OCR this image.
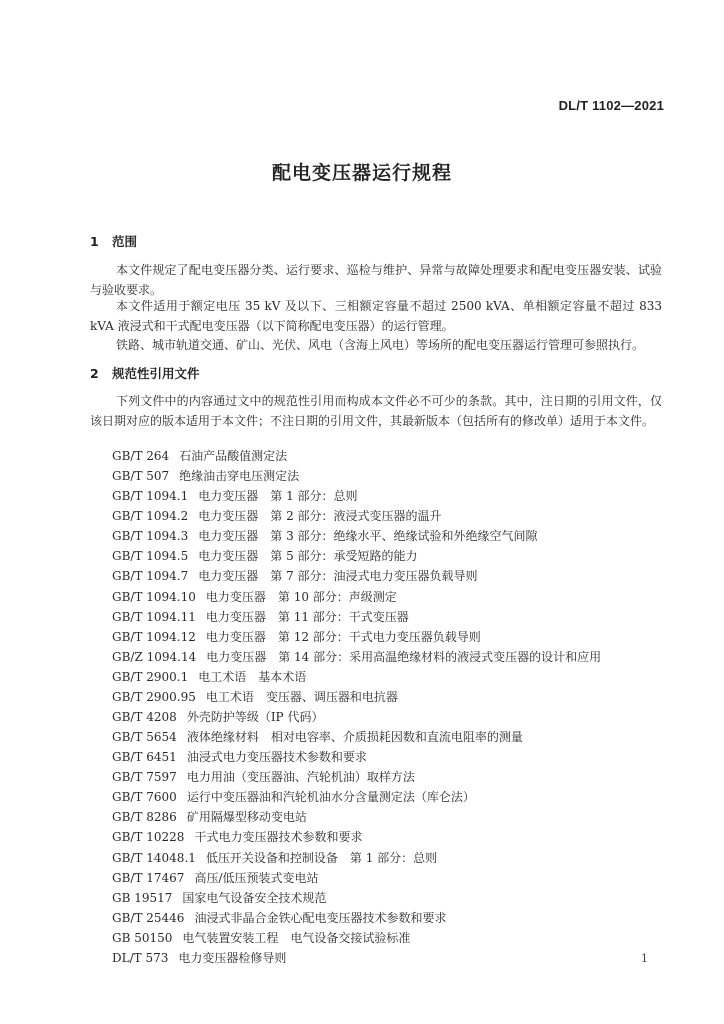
DL/T 1102—2021
配电变压器运行规程
1 范围
本文件规定了配电变压器分类、运行要求、巡检与维护、异常与故障处理要求和配电变压器安装、试验与验收要求。
本文件适用于额定电压 35 kV 及以下、三相额定容量不超过 2500 kVA、单相额定容量不超过 833 kVA 液浸式和干式配电变压器（以下简称配电变压器）的运行管理。
铁路、城市轨道交通、矿山、光伏、风电（含海上风电）等场所的配电变压器运行管理可参照执行。
2 规范性引用文件
下列文件中的内容通过文中的规范性引用而构成本文件必不可少的条款。其中，注日期的引用文件，仅该日期对应的版本适用于本文件；不注日期的引用文件，其最新版本（包括所有的修改单）适用于本文件。
GB/T 264 石油产品酸值测定法
GB/T 507 绝缘油击穿电压测定法
GB/T 1094.1 电力变压器　第 1 部分：总则
GB/T 1094.2 电力变压器　第 2 部分：液浸式变压器的温升
GB/T 1094.3 电力变压器　第 3 部分：绝缘水平、绝缘试验和外绝缘空气间隙
GB/T 1094.5 电力变压器　第 5 部分：承受短路的能力
GB/T 1094.7 电力变压器　第 7 部分：油浸式电力变压器负载导则
GB/T 1094.10 电力变压器　第 10 部分：声级测定
GB/T 1094.11 电力变压器　第 11 部分：干式变压器
GB/T 1094.12 电力变压器　第 12 部分：干式电力变压器负载导则
GB/Z 1094.14 电力变压器　第 14 部分：采用高温绝缘材料的液浸式变压器的设计和应用
GB/T 2900.1 电工术语　基本术语
GB/T 2900.95 电工术语　变压器、调压器和电抗器
GB/T 4208 外壳防护等级（IP 代码）
GB/T 5654 液体绝缘材料　相对电容率、介质损耗因数和直流电阻率的测量
GB/T 6451 油浸式电力变压器技术参数和要求
GB/T 7597 电力用油（变压器油、汽轮机油）取样方法
GB/T 7600 运行中变压器油和汽轮机油水分含量测定法（库仑法）
GB/T 8286 矿用隔爆型移动变电站
GB/T 10228 干式电力变压器技术参数和要求
GB/T 14048.1 低压开关设备和控制设备　第 1 部分：总则
GB/T 17467 高压/低压预装式变电站
GB 19517 国家电气设备安全技术规范
GB/T 25446 油浸式非晶合金铁心配电变压器技术参数和要求
GB 50150 电气装置安装工程　电气设备交接试验标准
DL/T 573 电力变压器检修导则	1
